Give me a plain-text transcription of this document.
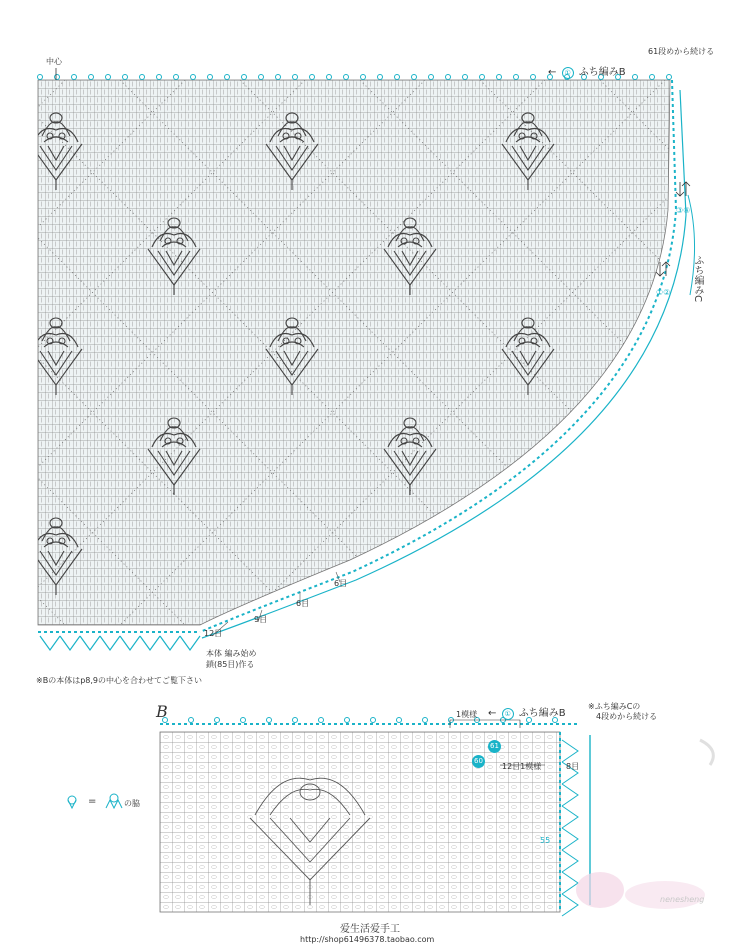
中心
← ① ふち編みB
61段めから続ける
③④
①② ふち編みC
6目
6目
9目
12目
本体 編み始め
鎖(85目)作る
※Bの本体はp8,9の中心を合わせてご覧下さい
B	1模様 ← ① ふち編みB
※ふち編みCの
4段めから続ける
61
60
12目1模様	8目
55
=	の脇
爱生活爱手工
http://shop61496378.taobao.com
nenesheng
